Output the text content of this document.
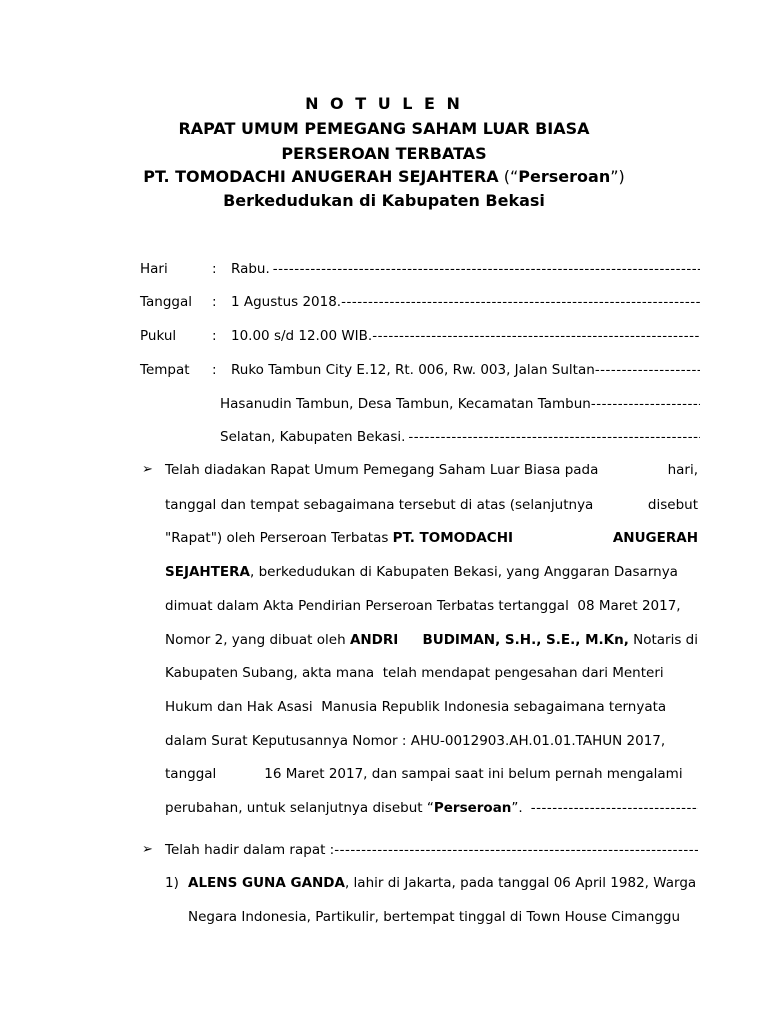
N O T U L E N
RAPAT UMUM PEMEGANG SAHAM LUAR BIASA
PERSEROAN TERBATAS
PT. TOMODACHI ANUGERAH SEJAHTERA (“Perseroan”)
Berkedudukan di Kabupaten Bekasi
Hari	: Rabu.
-----
Tanggal : 1 Agustus 2018.
-----
Pukul	: 10.00 s/d 12.00 WIB.
-----
Tempat : Ruko Tambun City E.12, Rt. 006, Rw. 003, Jalan Sultan
-----
Hasanudin Tambun, Desa Tambun, Kecamatan Tambun
-----
Selatan, Kabupaten Bekasi.
-----
➢ Telah diadakan Rapat Umum Pemegang Saham Luar Biasa pada	hari,
tanggal dan tempat sebagaimana tersebut di atas (selanjutnya	disebut
"Rapat") oleh Perseroan Terbatas PT. TOMODACHI	ANUGERAH
SEJAHTERA, berkedudukan di Kabupaten Bekasi, yang Anggaran Dasarnya
dimuat dalam Akta Pendirian Perseroan Terbatas tertanggal  08 Maret 2017,
Nomor 2, yang dibuat oleh ANDRI BUDIMAN, S.H., S.E., M.Kn, Notaris di
Kabupaten Subang, akta mana  telah mendapat pengesahan dari Menteri
Hukum dan Hak Asasi  Manusia Republik Indonesia sebagaimana ternyata
dalam Surat Keputusannya Nomor : AHU-0012903.AH.01.01.TAHUN 2017,
tanggal	16 Maret 2017, dan sampai saat ini belum pernah mengalami
perubahan, untuk selanjutnya disebut “ Perseroan ”.
-----
➢ Telah hadir dalam rapat :
-----
1) ALENS GUNA GANDA , lahir di Jakarta, pada tanggal 06 April 1982, Warga
Negara Indonesia, Partikulir, bertempat tinggal di Town House Cimanggu
